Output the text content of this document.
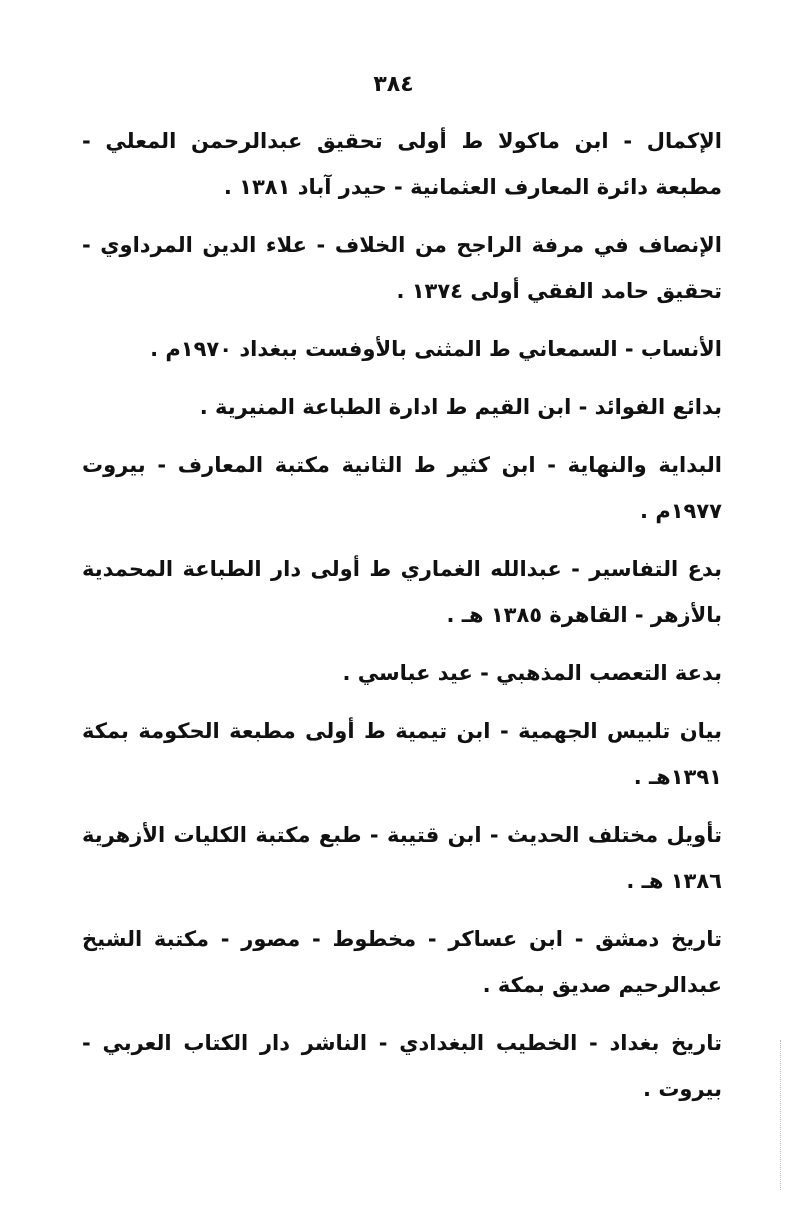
٣٨٤

الإكمال - ابن ماكولا ط أولى تحقيق عبدالرحمن المعلي - مطبعة دائرة المعارف العثمانية - حيدر آباد ١٣٨١ .

الإنصاف في مرفة الراجح من الخلاف - علاء الدين المرداوي - تحقيق حامد الفقي أولى ١٣٧٤ .

الأنساب - السمعاني ط المثنى بالأوفست ببغداد ١٩٧٠م .

بدائع الفوائد - ابن القيم ط ادارة الطباعة المنيرية .

البداية والنهاية - ابن كثير ط الثانية مكتبة المعارف - بيروت ١٩٧٧م .

بدع التفاسير - عبدالله الغماري ط أولى دار الطباعة المحمدية بالأزهر - القاهرة ١٣٨٥ هـ .

بدعة التعصب المذهبي - عيد عباسي .

بيان تلبيس الجهمية - ابن تيمية ط أولى مطبعة الحكومة بمكة ١٣٩١هـ .

تأويل مختلف الحديث - ابن قتيبة - طبع مكتبة الكليات الأزهرية ١٣٨٦ هـ .

تاريخ دمشق - ابن عساكر - مخطوط - مصور - مكتبة الشيخ عبدالرحيم صديق بمكة .

تاريخ بغداد - الخطيب البغدادي - الناشر دار الكتاب العربي - بيروت .
